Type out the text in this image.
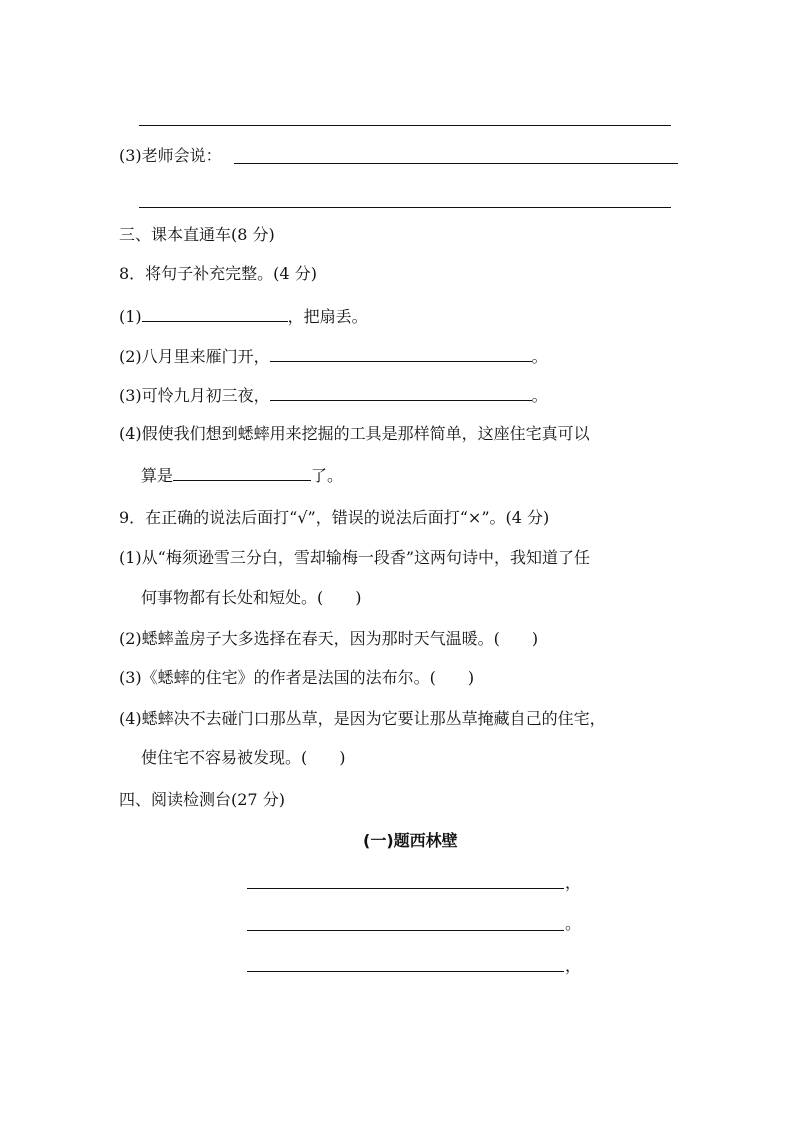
(3)老师会说：
三、课本直通车(8 分)
8．将句子补充完整。(4 分)
(1)	，把扇丢。
(2)八月里来雁门开，	。
(3)可怜九月初三夜，	。
(4)假使我们想到蟋蟀用来挖掘的工具是那样简单，这座住宅真可以
算是	了。
9．在正确的说法后面打“√”，错误的说法后面打“×”。(4 分)
(1)从“梅须逊雪三分白，雪却输梅一段香”这两句诗中，我知道了任
何事物都有长处和短处。(　　)
(2)蟋蟀盖房子大多选择在春天，因为那时天气温暖。(　　)
(3)《蟋蟀的住宅》的作者是法国的法布尔。(　　)
(4)蟋蟀决不去碰门口那丛草，是因为它要让那丛草掩藏自己的住宅，
使住宅不容易被发现。(　　)
四、阅读检测台(27 分)
(一)题西林壁
，
。
，
